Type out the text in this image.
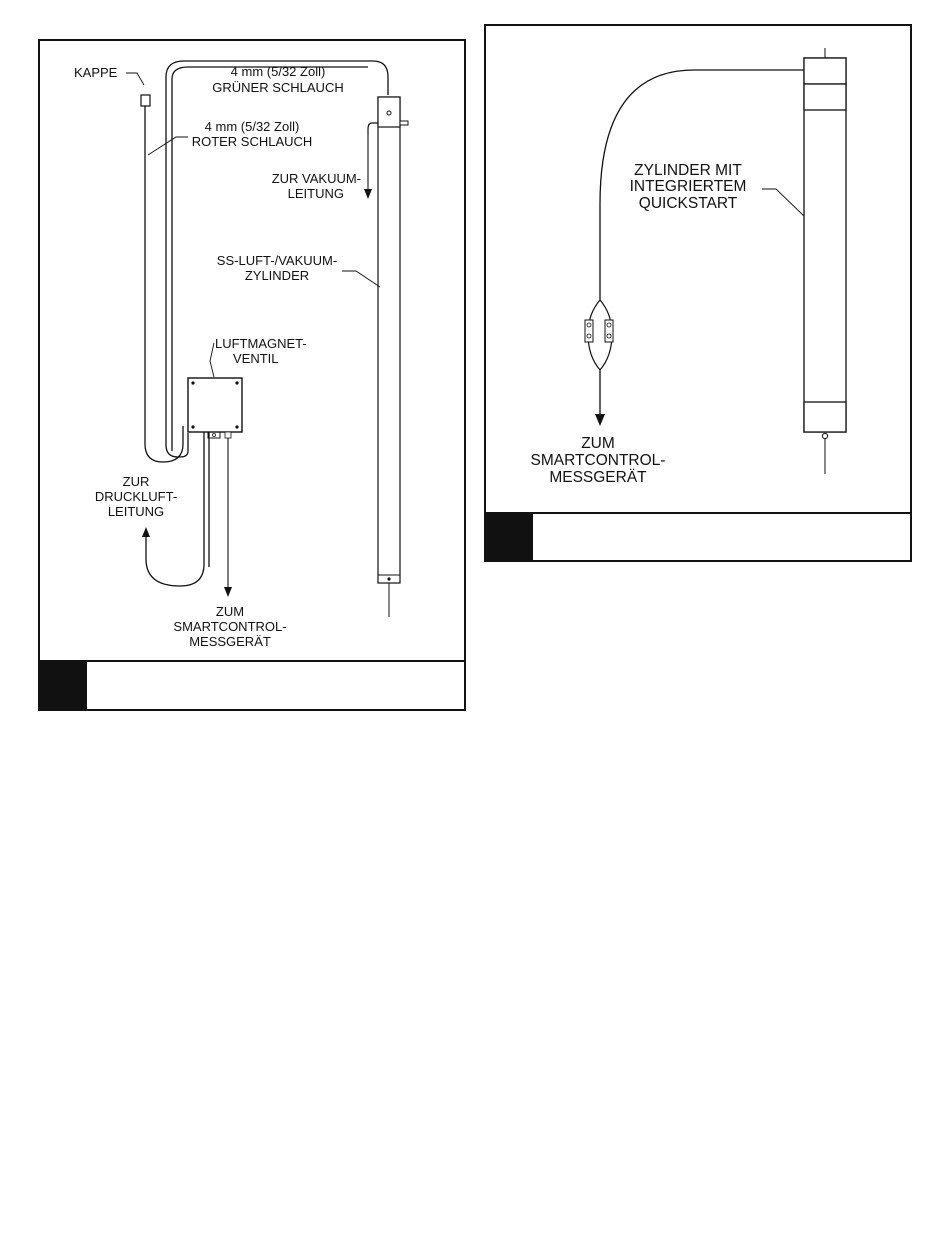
KAPPE	4 mm (5/32 Zoll)
GRÜNER SCHLAUCH
4 mm (5/32 Zoll)
ROTER SCHLAUCH
ZUR VAKUUM-
LEITUNG
SS-LUFT-/VAKUUM-
ZYLINDER
LUFTMAGNET-
VENTIL
ZUR
DRUCKLUFT-
LEITUNG
ZUM
SMARTCONTROL-
MESSGERÄT
ZYLINDER MIT
INTEGRIERTEM
QUICKSTART
ZUM
SMARTCONTROL-
MESSGERÄT
